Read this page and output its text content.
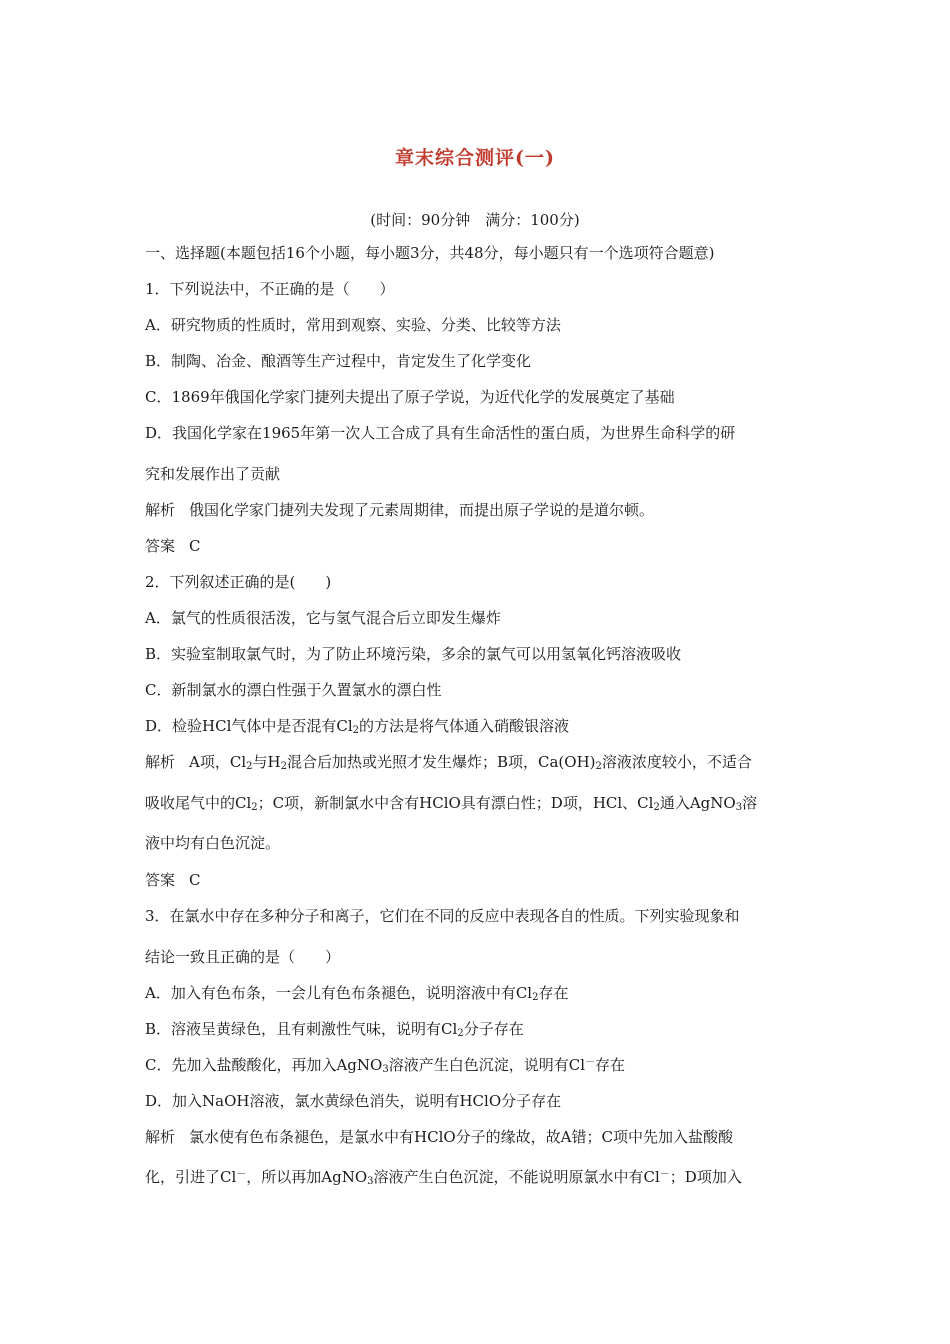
章末综合测评(一)
(时间：90分钟　满分：100分)
一、选择题(本题包括16个小题，每小题3分，共48分，每小题只有一个选项符合题意)
1．下列说法中，不正确的是（　　）
A．研究物质的性质时，常用到观察、实验、分类、比较等方法
B．制陶、冶金、酿酒等生产过程中，肯定发生了化学变化
C．1869年俄国化学家门捷列夫提出了原子学说，为近代化学的发展奠定了基础
D．我国化学家在1965年第一次人工合成了具有生命活性的蛋白质，为世界生命科学的研
究和发展作出了贡献
解析 俄国化学家门捷列夫发现了元素周期律，而提出原子学说的是道尔顿。
答案 C
2．下列叙述正确的是(　　)
A．氯气的性质很活泼，它与氢气混合后立即发生爆炸
B．实验室制取氯气时，为了防止环境污染，多余的氯气可以用氢氧化钙溶液吸收
C．新制氯水的漂白性强于久置氯水的漂白性
D．检验HCl气体中是否混有$Cl_2$的方法是将气体通入硝酸银溶液
解析 A项，$Cl_2$与$H_2$混合后加热或光照才发生爆炸；B项，$Ca(OH)_2$溶液浓度较小，不适合
吸收尾气中的$Cl_2$；C项，新制氯水中含有HClO具有漂白性；D项，HCl、$Cl_2$通入AgNO$_3$溶
液中均有白色沉淀。
答案 C
3．在氯水中存在多种分子和离子，它们在不同的反应中表现各自的性质。下列实验现象和
结论一致且正确的是（　　）
A．加入有色布条，一会儿有色布条褪色，说明溶液中有$Cl_2$存在
B．溶液呈黄绿色，且有刺激性气味，说明有$Cl_2$分子存在
C．先加入盐酸酸化，再加入AgNO$_3$溶液产生白色沉淀，说明有Cl－存在
D．加入NaOH溶液，氯水黄绿色消失，说明有HClO分子存在
解析 氯水使有色布条褪色，是氯水中有HClO分子的缘故，故A错；C项中先加入盐酸酸
化，引进了Cl－，所以再加AgNO$_3$溶液产生白色沉淀，不能说明原氯水中有Cl－；D项加入
